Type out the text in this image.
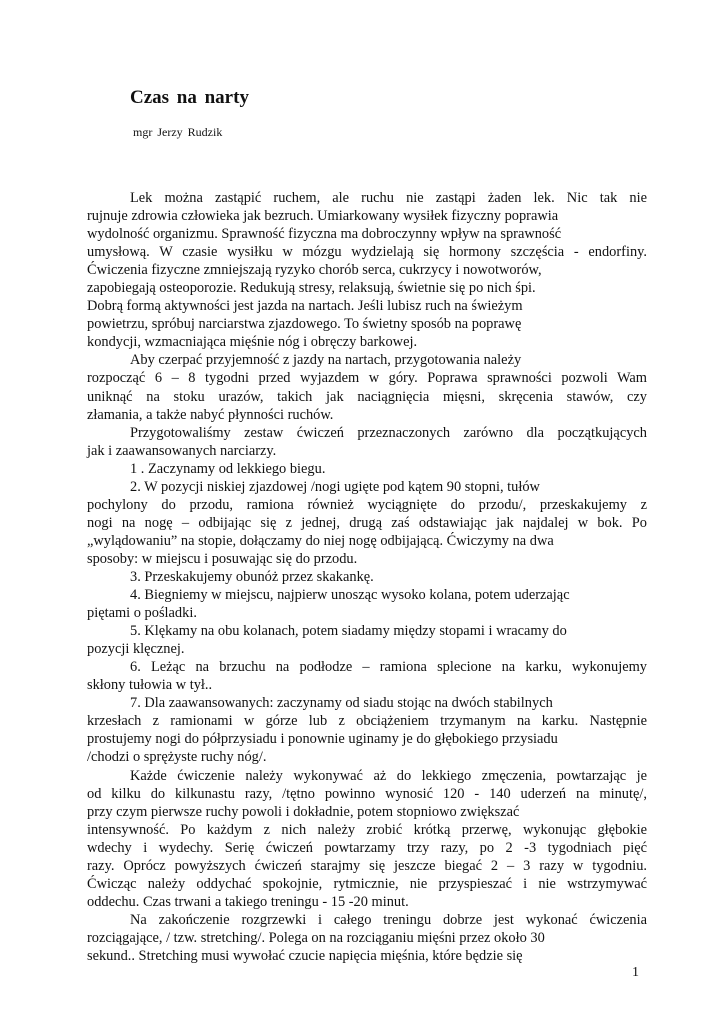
Czas na narty
mgr Jerzy Rudzik
Lek można zastąpić ruchem, ale ruchu nie zastąpi żaden lek. Nic tak nie
rujnuje zdrowia człowieka jak bezruch. Umiarkowany wysiłek fizyczny poprawia
wydolność organizmu. Sprawność fizyczna ma dobroczynny wpływ na sprawność
umysłową. W czasie wysiłku w mózgu wydzielają się hormony szczęścia - endorfiny.
Ćwiczenia fizyczne zmniejszają ryzyko chorób serca, cukrzycy i nowotworów,
zapobiegają osteoporozie. Redukują stresy, relaksują, świetnie się po nich śpi.
Dobrą formą aktywności jest jazda na nartach. Jeśli lubisz ruch na świeżym
powietrzu, spróbuj narciarstwa zjazdowego. To świetny sposób na poprawę
kondycji, wzmacniająca mięśnie nóg i obręczy barkowej.
Aby czerpać przyjemność z jazdy na nartach, przygotowania należy
rozpocząć 6 – 8 tygodni przed wyjazdem w góry. Poprawa sprawności pozwoli Wam
uniknąć na stoku urazów, takich jak naciągnięcia mięsni, skręcenia stawów, czy
złamania, a także nabyć płynności ruchów.
Przygotowaliśmy zestaw ćwiczeń przeznaczonych zarówno dla początkujących
jak i zaawansowanych narciarzy.
1 . Zaczynamy od lekkiego biegu.
2. W pozycji niskiej zjazdowej /nogi ugięte pod kątem 90 stopni, tułów
pochylony do przodu, ramiona również wyciągnięte do przodu/, przeskakujemy z
nogi na nogę – odbijając się z jednej, drugą zaś odstawiając jak najdalej w bok. Po
„wylądowaniu” na stopie, dołączamy do niej nogę odbijającą. Ćwiczymy na dwa
sposoby: w miejscu i posuwając się do przodu.
3. Przeskakujemy obunóż przez skakankę.
4. Biegniemy w miejscu, najpierw unosząc wysoko kolana, potem uderzając
piętami o pośladki.
5. Klękamy na obu kolanach, potem siadamy między stopami i wracamy do
pozycji klęcznej.
6. Leżąc na brzuchu na podłodze – ramiona splecione na karku, wykonujemy
skłony tułowia w tył..
7. Dla zaawansowanych: zaczynamy od siadu stojąc na dwóch stabilnych
krzesłach z ramionami w górze lub z obciążeniem trzymanym na karku. Następnie
prostujemy nogi do półprzysiadu i ponownie uginamy je do głębokiego przysiadu
/chodzi o sprężyste ruchy nóg/.
Każde ćwiczenie należy wykonywać aż do lekkiego zmęczenia, powtarzając je
od kilku do kilkunastu razy, /tętno powinno wynosić 120 - 140 uderzeń na minutę/,
przy czym pierwsze ruchy powoli i dokładnie, potem stopniowo zwiększać
intensywność. Po każdym z nich należy zrobić krótką przerwę, wykonując głębokie
wdechy i wydechy. Serię ćwiczeń powtarzamy trzy razy, po 2 -3 tygodniach pięć
razy. Oprócz powyższych ćwiczeń starajmy się jeszcze biegać 2 – 3 razy w tygodniu.
Ćwicząc należy oddychać spokojnie, rytmicznie, nie przyspieszać i nie wstrzymywać
oddechu. Czas trwani a takiego treningu - 15 -20 minut.
Na zakończenie rozgrzewki i całego treningu dobrze jest wykonać ćwiczenia
rozciągające, / tzw. stretching/. Polega on na rozciąganiu mięśni przez około 30
sekund.. Stretching musi wywołać czucie napięcia mięśnia, które będzie się
1
